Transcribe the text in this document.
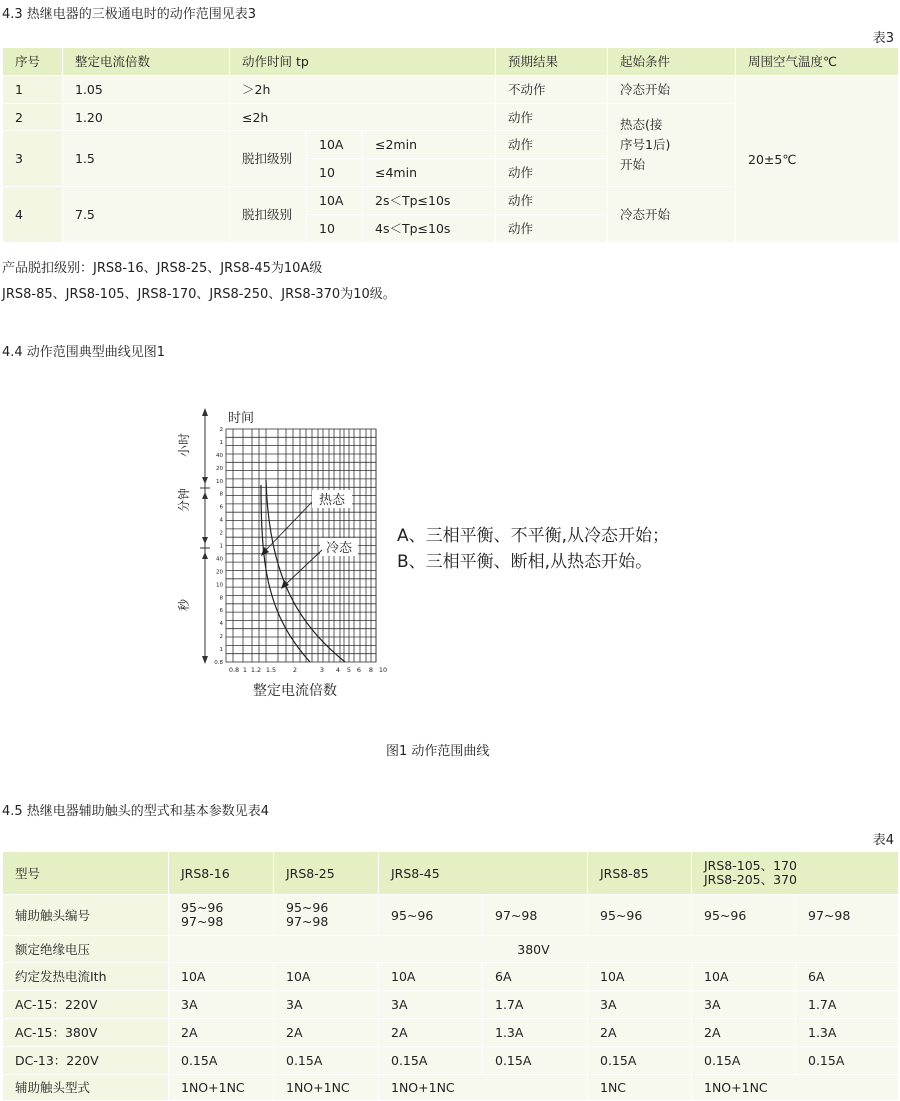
4.3 热继电器的三极通电时的动作范围见表3
表3
序号	整定电流倍数	动作时间 tp			预期结果	起始条件	周围空气温度℃
1	1.05	＞2h			不动作	冷态开始	20±5℃
2	1.20	≤2h			动作	热态(接
序号1后)
开始	
3	1.5	脱扣级别	10A	≤2min	动作		
			10	≤4min	动作		
4	7.5	脱扣级别	10A	2s＜Tp≤10s	动作	冷态开始	
			10	4s＜Tp≤10s	动作		
产品脱扣级别：JRS8-16、JRS8-25、JRS8-45为10A级
JRS8-85、JRS8-105、JRS8-170、JRS8-250、JRS8-370为10级。
4.4 动作范围典型曲线见图1
时间
小时
分钟
秒
2
1
40
20
10
8
6
4
2
1
40
20
10
8
6
4
2
1
0.8
0.8 1 1.2 1.5	2	3 4 5 6 8 10
热态
冷态
整定电流倍数
A、三相平衡、不平衡,从冷态开始；
B、三相平衡、断相,从热态开始。
图1 动作范围曲线
4.5 热继电器辅助触头的型式和基本参数见表4
表4
型号	JRS8-16	JRS8-25	JRS8-45		JRS8-85	JRS8-105、170
JRS8-205、370	
辅助触头编号	95~96
97~98	95~96
97~98	95~96	97~98	95~96	95~96	97~98
额定绝缘电压	380V						
约定发热电流Ith	10A	10A	10A	6A	10A	10A	6A
AC-15：220V	3A	3A	3A	1.7A	3A	3A	1.7A
AC-15：380V	2A	2A	2A	1.3A	2A	2A	1.3A
DC-13：220V	0.15A	0.15A	0.15A	0.15A	0.15A	0.15A	0.15A
辅助触头型式	1NO+1NC	1NO+1NC	1NO+1NC		1NC	1NO+1NC	
